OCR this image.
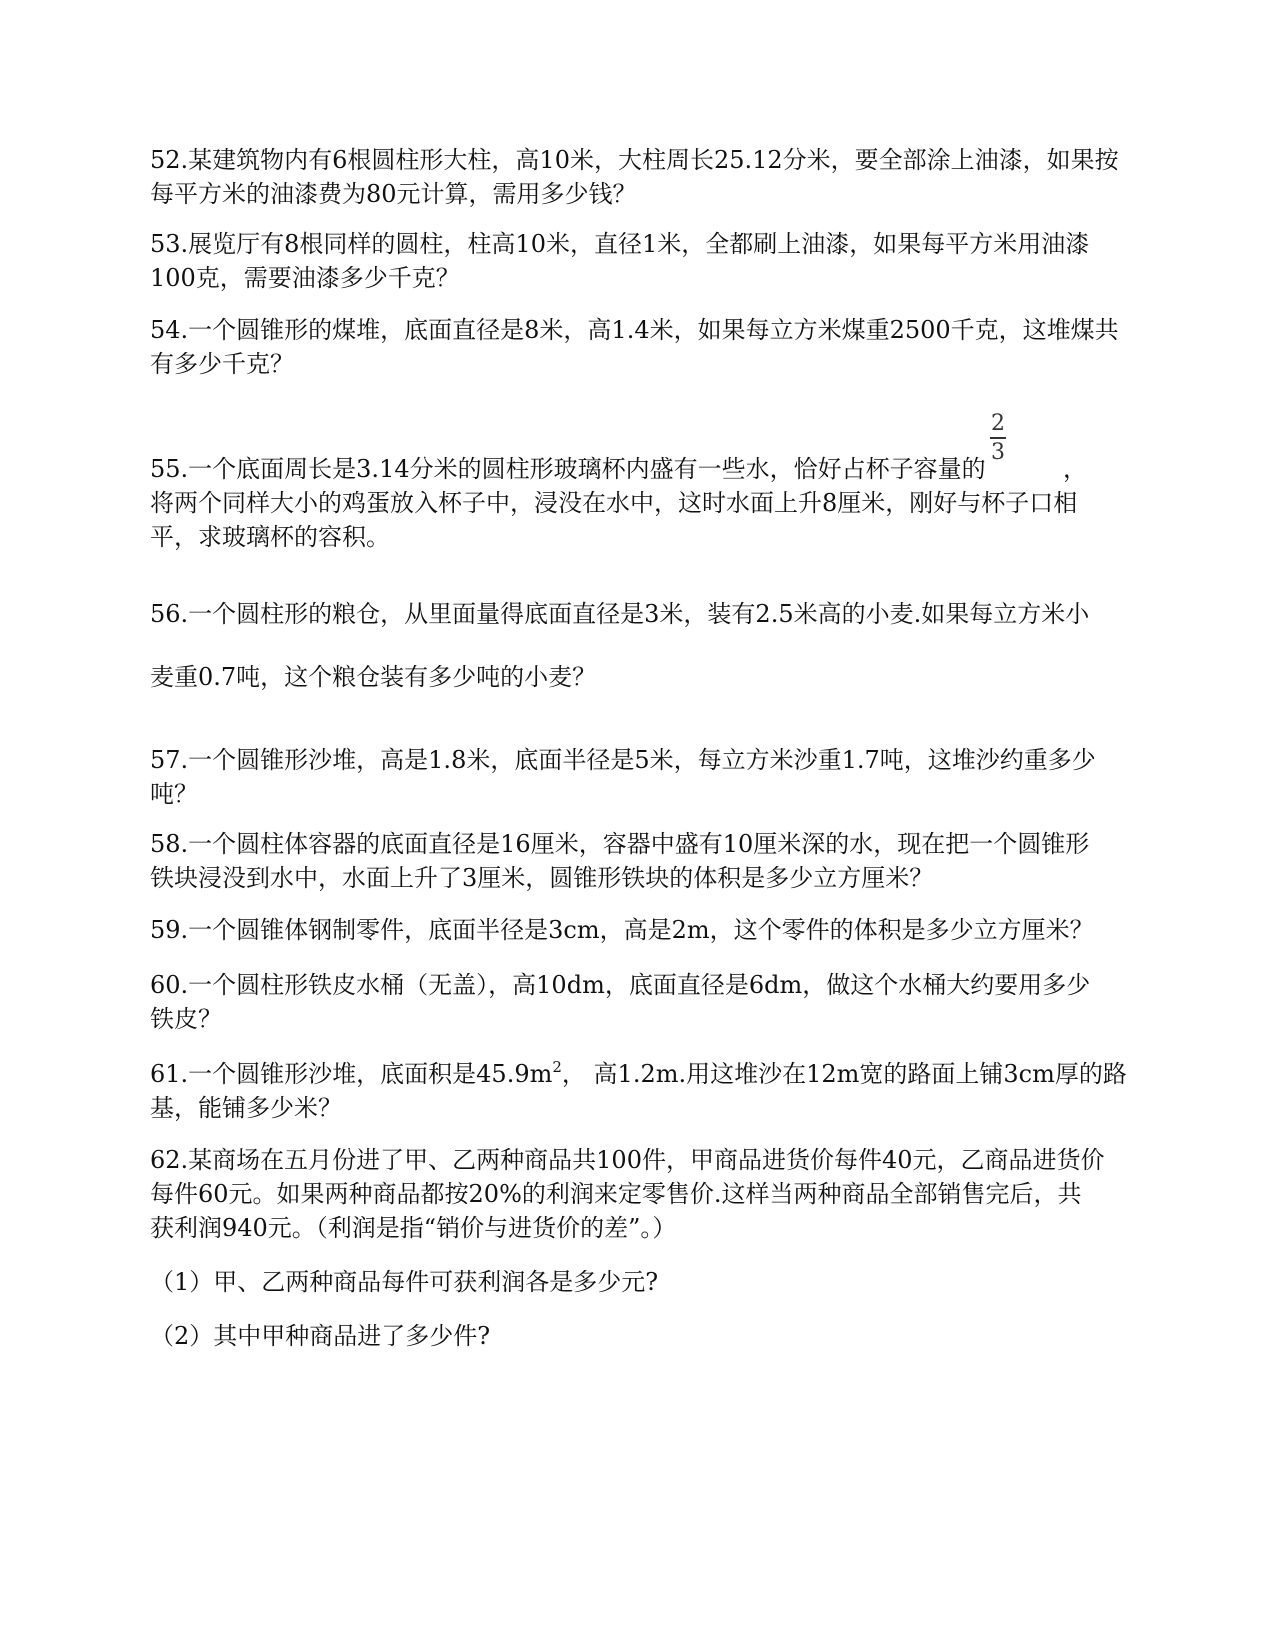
52.某建筑物内有6根圆柱形大柱，高10米，大柱周长25.12分米，要全部涂上油漆，如果按
每平方米的油漆费为80元计算，需用多少钱？
53.展览厅有8根同样的圆柱，柱高10米，直径1米，全都刷上油漆，如果每平方米用油漆
100克，需要油漆多少千克？
54.一个圆锥形的煤堆，底面直径是8米，高1.4米，如果每立方米煤重2500千克，这堆煤共
有多少千克？
55.一个底面周长是3.14分米的圆柱形玻璃杯内盛有一些水，恰好占杯子容量的	，
将两个同样大小的鸡蛋放入杯子中，浸没在水中，这时水面上升8厘米，刚好与杯子口相
平，求玻璃杯的容积。
2
3
56.一个圆柱形的粮仓，从里面量得底面直径是3米，装有2.5米高的小麦.如果每立方米小
麦重0.7吨，这个粮仓装有多少吨的小麦？
57.一个圆锥形沙堆，高是1.8米，底面半径是5米，每立方米沙重1.7吨，这堆沙约重多少
吨？
58.一个圆柱体容器的底面直径是16厘米，容器中盛有10厘米深的水，现在把一个圆锥形
铁块浸没到水中，水面上升了3厘米，圆锥形铁块的体积是多少立方厘米？
59.一个圆锥体钢制零件，底面半径是3cm，高是2m，这个零件的体积是多少立方厘米？
60.一个圆柱形铁皮水桶（无盖），高10dm，底面直径是6dm，做这个水桶大约要用多少
铁皮？
61.一个圆锥形沙堆，底面积是$45.9m^2$， 高1.2m.用这堆沙在12m宽的路面上铺3cm厚的路
基，能铺多少米？
62.某商场在五月份进了甲、乙两种商品共100件，甲商品进货价每件40元，乙商品进货价
每件60元。如果两种商品都按20%的利润来定零售价.这样当两种商品全部销售完后，共
获利润940元。（利润是指“销价与进货价的差”。）
（1）甲、乙两种商品每件可获利润各是多少元?
（2）其中甲种商品进了多少件?
